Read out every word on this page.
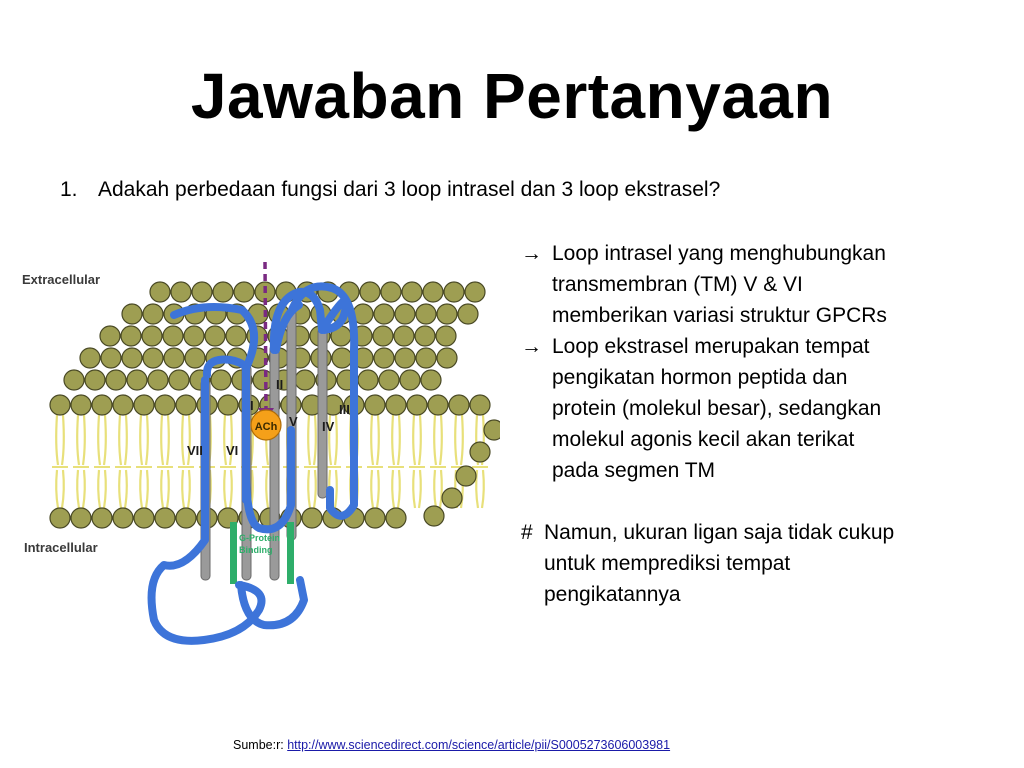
Jawaban Pertanyaan
1. Adakah perbedaan fungsi dari 3 loop intrasel dan 3 loop ekstrasel?
→ Loop intrasel yang menghubungkan
transmembran (TM) V & VI
memberikan variasi struktur GPCRs
→ Loop ekstrasel merupakan tempat
pengikatan hormon peptida dan
protein (molekul besar), sedangkan
molekul agonis kecil akan terikat
pada segmen TM
# Namun, ukuran ligan saja tidak cukup
untuk memprediksi tempat
pengikatannya
ACh
VII VI
I
II
V IV
III
G-Protein
Binding
Extracellular
Intracellular
Sumbe:r: http://www.sciencedirect.com/science/article/pii/S0005273606003981
